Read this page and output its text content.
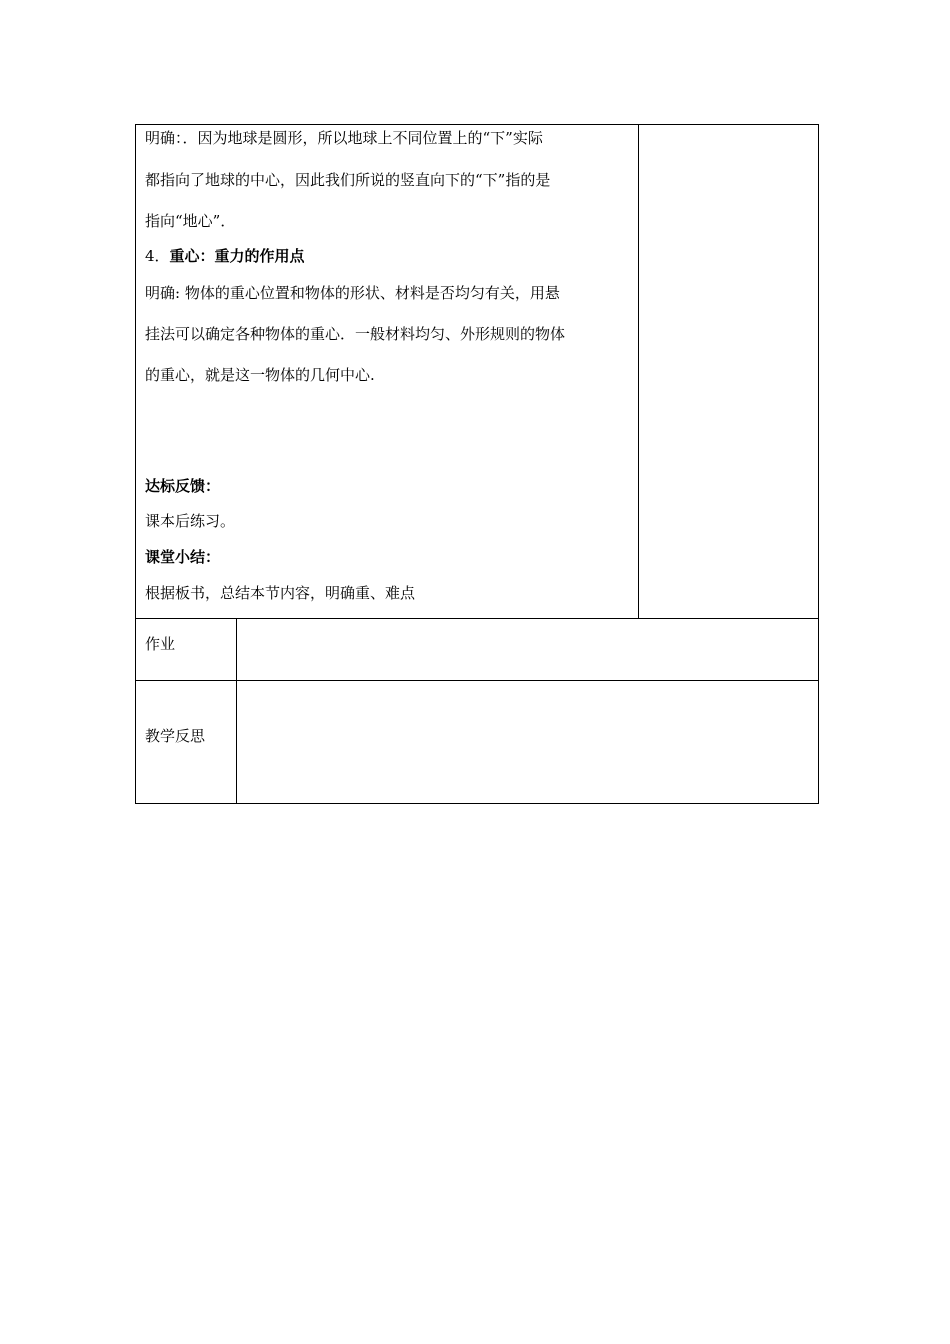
明确：．因为地球是圆形，所以地球上不同位置上的“下”实际
都指向了地球的中心，因此我们所说的竖直向下的“下”指的是
指向“地心”．
4．重心：重力的作用点
明确: 物体的重心位置和物体的形状、材料是否均匀有关，用悬
挂法可以确定各种物体的重心．一般材料均匀、外形规则的物体
的重心，就是这一物体的几何中心.
达标反馈：
课本后练习。
课堂小结：
根据板书，总结本节内容，明确重、难点
作业
教学反思
